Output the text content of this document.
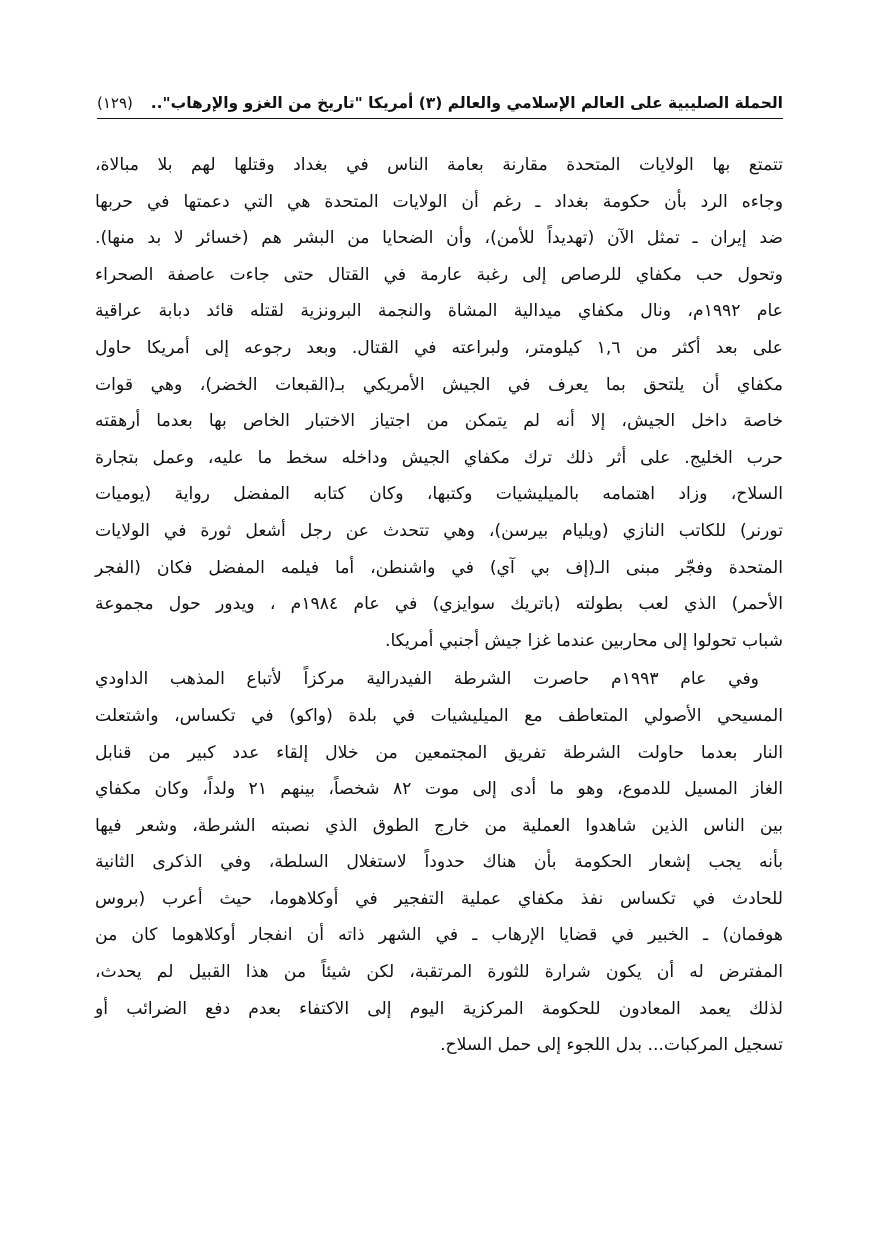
الحملة الصليبية على العالم الإسلامي والعالم (٣) أمريكا "تاريخ من الغزو والإرهاب"..
(١٢٩)
تتمتع بها الولايات المتحدة مقارنة بعامة الناس في بغداد وقتلها لهم بلا مبالاة،
وجاءه الرد بأن حكومة بغداد ـ رغم أن الولايات المتحدة هي التي دعمتها في حربها
ضد إيران ـ تمثل الآن (تهديداً للأمن)، وأن الضحايا من البشر هم (خسائر لا بد منها).
وتحول حب مكفاي للرصاص إلى رغبة عارمة في القتال حتى جاءت عاصفة الصحراء
عام ١٩٩٢م، ونال مكفاي ميدالية المشاة والنجمة البرونزية لقتله قائد دبابة عراقية
على بعد أكثر من ١,٦ كيلومتر، ولبراعته في القتال. وبعد رجوعه إلى أمريكا حاول
مكفاي أن يلتحق بما يعرف في الجيش الأمريكي بـ(القبعات الخضر)، وهي قوات
خاصة داخل الجيش، إلا أنه لم يتمكن من اجتياز الاختبار الخاص بها بعدما أرهقته
حرب الخليج. على أثر ذلك ترك مكفاي الجيش وداخله سخط ما عليه، وعمل بتجارة
السلاح، وزاد اهتمامه بالميليشيات وكتبها، وكان كتابه المفضل رواية (يوميات
تورنر) للكاتب النازي (ويليام بيرسن)، وهي تتحدث عن رجل أشعل ثورة في الولايات
المتحدة وفجّر مبنى الـ(إف بي آي) في واشنطن، أما فيلمه المفضل فكان (الفجر
الأحمر) الذي لعب بطولته (باتريك سوايزي) في عام ١٩٨٤م ، ويدور حول مجموعة
شباب تحولوا إلى محاربين عندما غزا جيش أجنبي أمريكا.
وفي عام ١٩٩٣م حاصرت الشرطة الفيدرالية مركزاً لأتباع المذهب الداودي
المسيحي الأصولي المتعاطف مع الميليشيات في بلدة (واكو) في تكساس، واشتعلت
النار بعدما حاولت الشرطة تفريق المجتمعين من خلال إلقاء عدد كبير من قنابل
الغاز المسيل للدموع، وهو ما أدى إلى موت ٨٢ شخصاً، بينهم ٢١ ولداً، وكان مكفاي
بين الناس الذين شاهدوا العملية من خارج الطوق الذي نصبته الشرطة، وشعر فيها
بأنه يجب إشعار الحكومة بأن هناك حدوداً لاستغلال السلطة، وفي الذكرى الثانية
للحادث في تكساس نفذ مكفاي عملية التفجير في أوكلاهوما، حيث أعرب (بروس
هوفمان) ـ الخبير في قضايا الإرهاب ـ في الشهر ذاته أن انفجار أوكلاهوما كان من
المفترض له أن يكون شرارة للثورة المرتقبة، لكن شيئاً من هذا القبيل لم يحدث،
لذلك يعمد المعادون للحكومة المركزية اليوم إلى الاكتفاء بعدم دفع الضرائب أو
تسجيل المركبات... بدل اللجوء إلى حمل السلاح.
